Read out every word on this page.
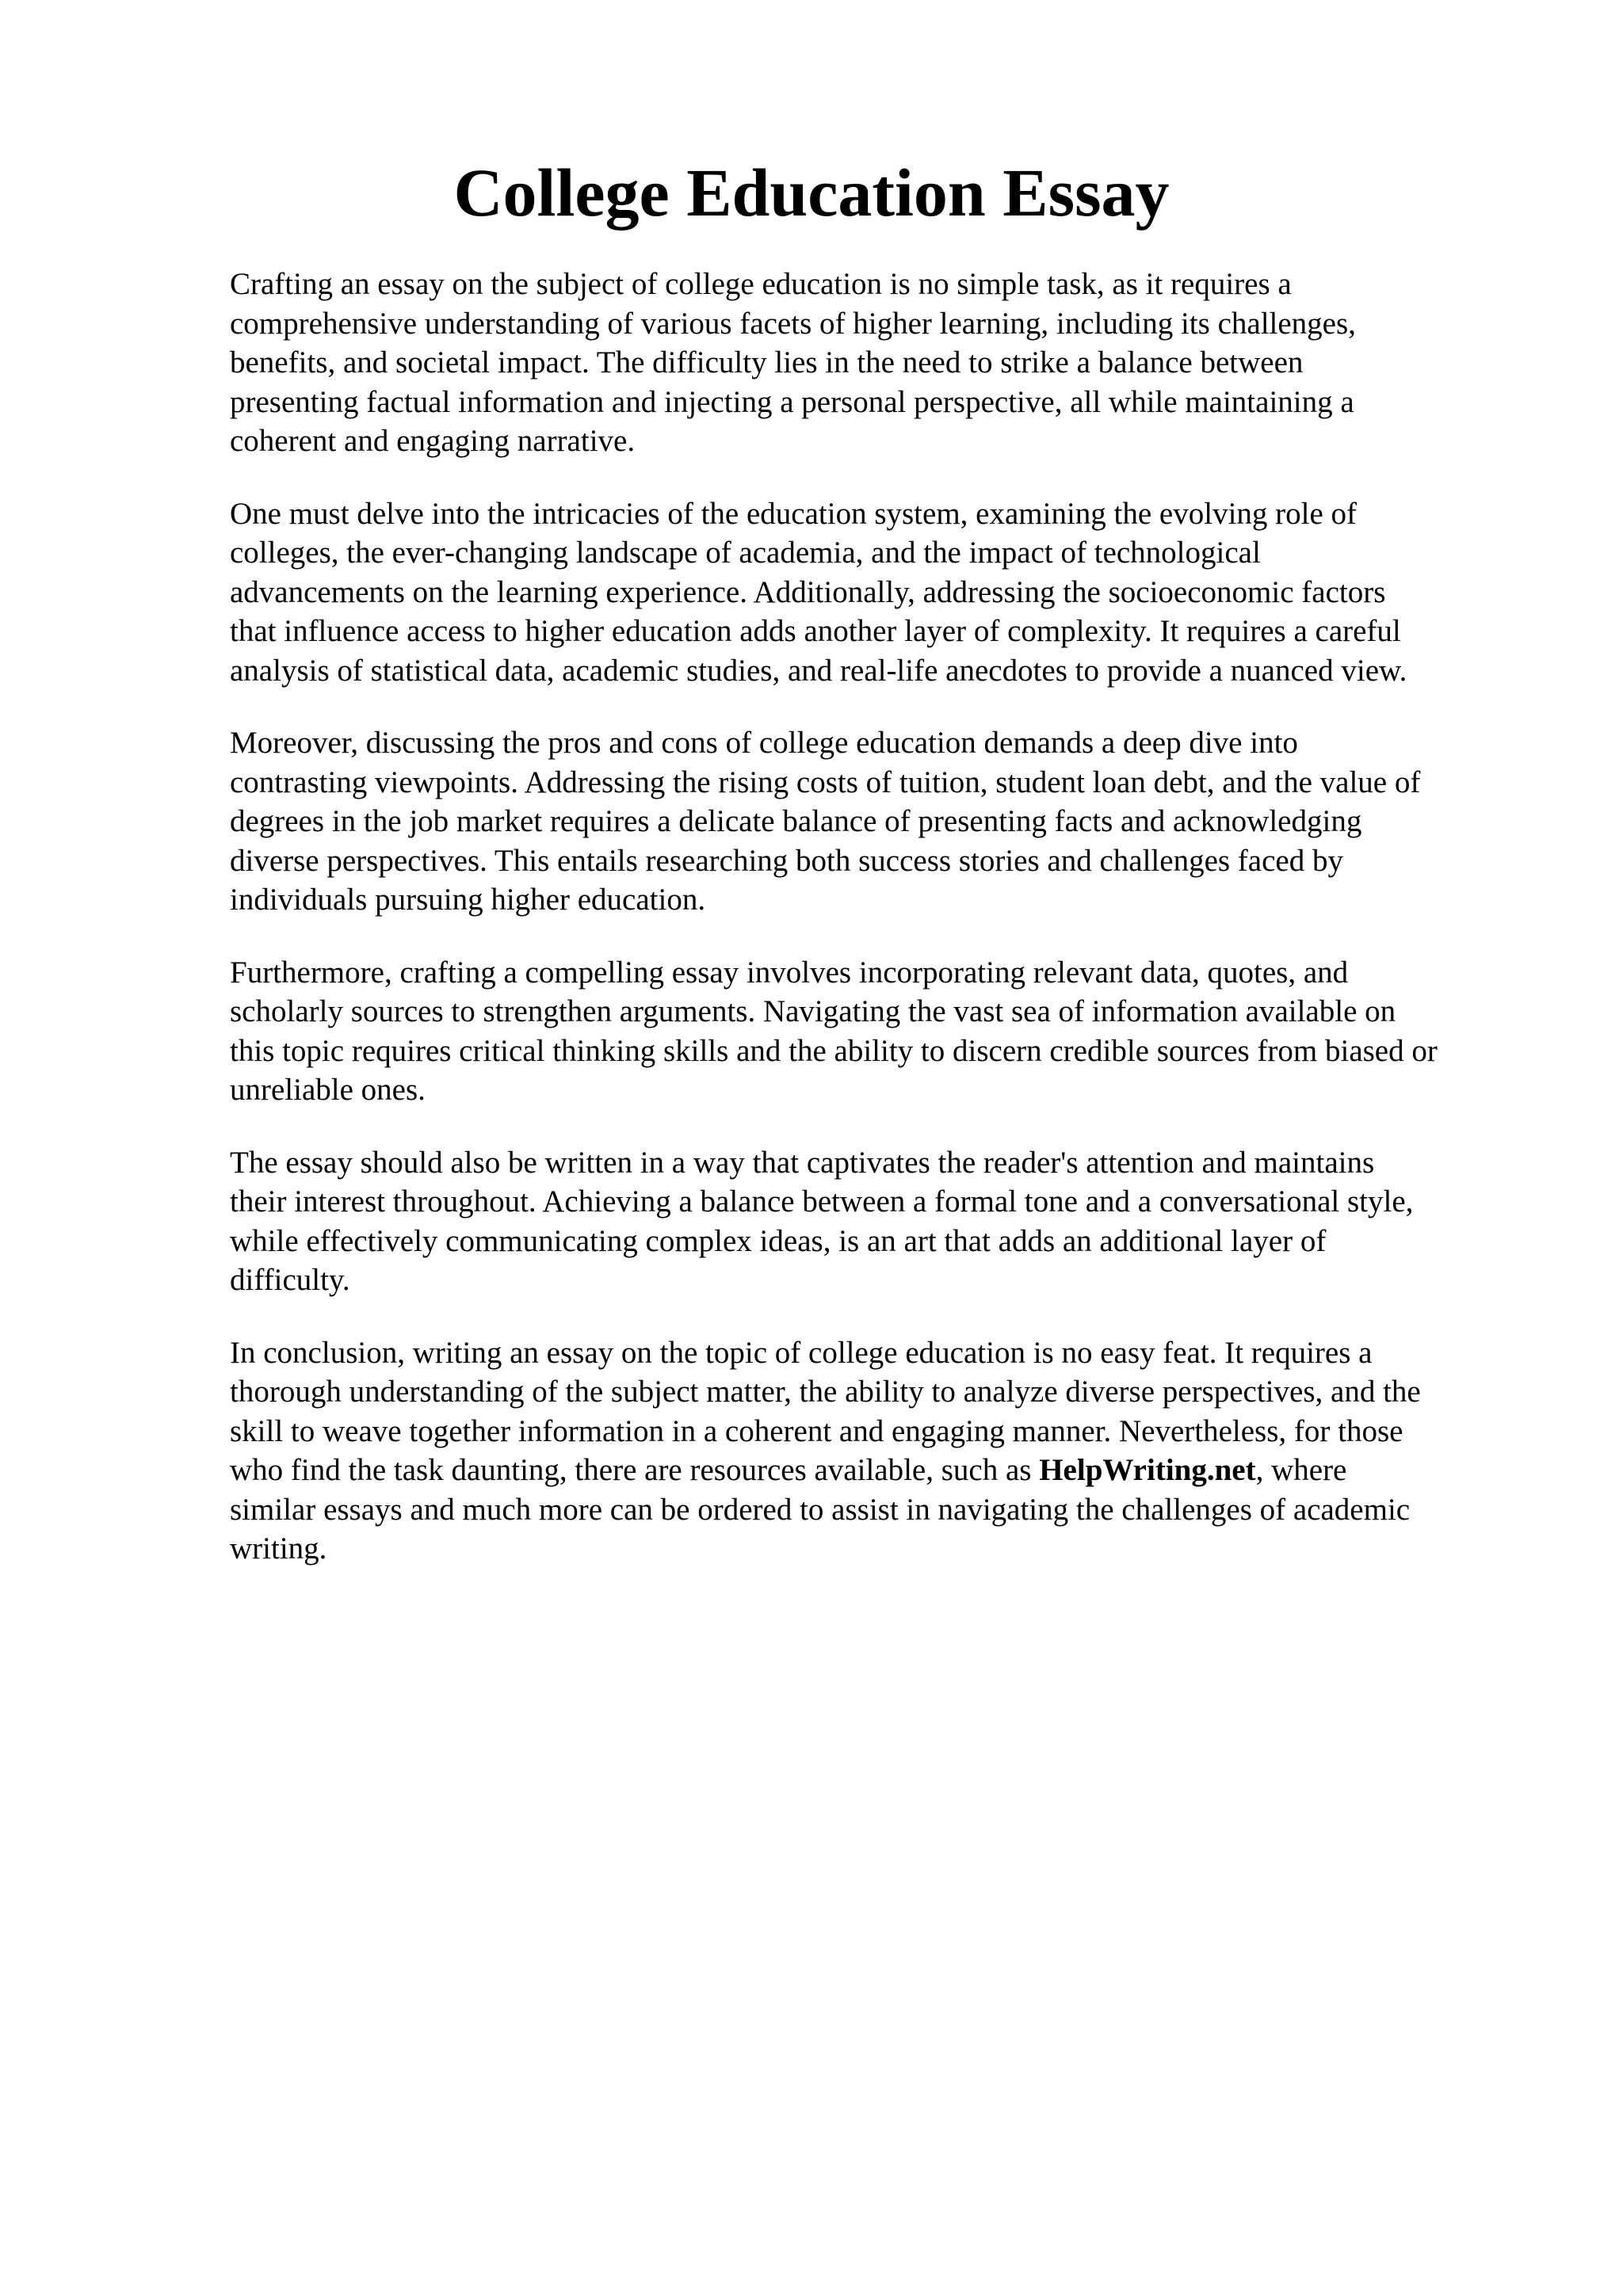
College Education Essay

Crafting an essay on the subject of college education is no simple task, as it requires a
comprehensive understanding of various facets of higher learning, including its challenges,
benefits, and societal impact. The difficulty lies in the need to strike a balance between
presenting factual information and injecting a personal perspective, all while maintaining a
coherent and engaging narrative.

One must delve into the intricacies of the education system, examining the evolving role of
colleges, the ever-changing landscape of academia, and the impact of technological
advancements on the learning experience. Additionally, addressing the socioeconomic factors
that influence access to higher education adds another layer of complexity. It requires a careful
analysis of statistical data, academic studies, and real-life anecdotes to provide a nuanced view.

Moreover, discussing the pros and cons of college education demands a deep dive into
contrasting viewpoints. Addressing the rising costs of tuition, student loan debt, and the value of
degrees in the job market requires a delicate balance of presenting facts and acknowledging
diverse perspectives. This entails researching both success stories and challenges faced by
individuals pursuing higher education.

Furthermore, crafting a compelling essay involves incorporating relevant data, quotes, and
scholarly sources to strengthen arguments. Navigating the vast sea of information available on
this topic requires critical thinking skills and the ability to discern credible sources from biased or
unreliable ones.

The essay should also be written in a way that captivates the reader's attention and maintains
their interest throughout. Achieving a balance between a formal tone and a conversational style,
while effectively communicating complex ideas, is an art that adds an additional layer of
difficulty.

In conclusion, writing an essay on the topic of college education is no easy feat. It requires a
thorough understanding of the subject matter, the ability to analyze diverse perspectives, and the
skill to weave together information in a coherent and engaging manner. Nevertheless, for those
who find the task daunting, there are resources available, such as HelpWriting.net, where
similar essays and much more can be ordered to assist in navigating the challenges of academic
writing.
